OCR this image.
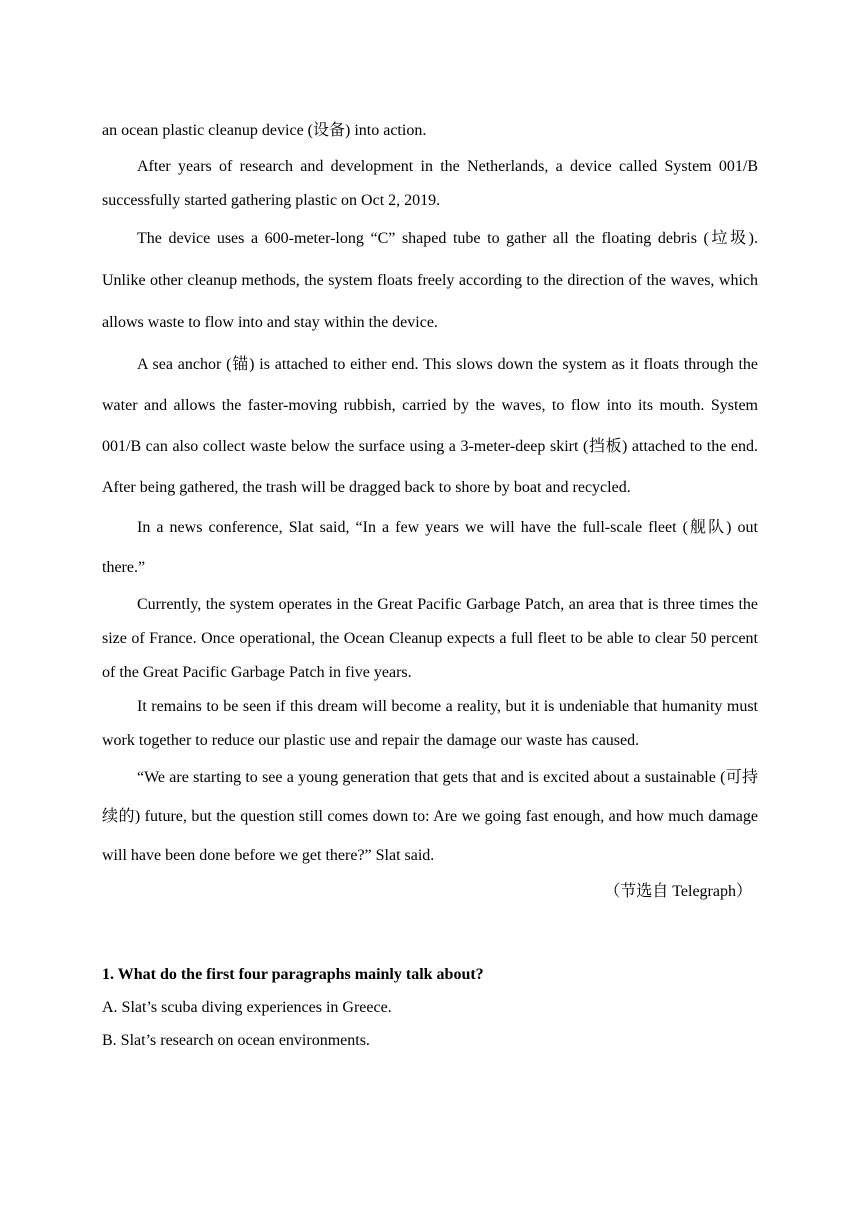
an ocean plastic cleanup device (设备) into action.

After years of research and development in the Netherlands, a device called System 001/B successfully started gathering plastic on Oct 2, 2019.

The device uses a 600-meter-long “C” shaped tube to gather all the floating debris (垃圾). Unlike other cleanup methods, the system floats freely according to the direction of the waves, which allows waste to flow into and stay within the device.

A sea anchor (锚) is attached to either end. This slows down the system as it floats through the water and allows the faster-moving rubbish, carried by the waves, to flow into its mouth. System 001/B can also collect waste below the surface using a 3-meter-deep skirt (挡板) attached to the end. After being gathered, the trash will be dragged back to shore by boat and recycled.

In a news conference, Slat said, “In a few years we will have the full-scale fleet (舰队) out there.”

Currently, the system operates in the Great Pacific Garbage Patch, an area that is three times the size of France. Once operational, the Ocean Cleanup expects a full fleet to be able to clear 50 percent of the Great Pacific Garbage Patch in five years.

It remains to be seen if this dream will become a reality, but it is undeniable that humanity must work together to reduce our plastic use and repair the damage our waste has caused.

“We are starting to see a young generation that gets that and is excited about a sustainable (可持续的) future, but the question still comes down to: Are we going fast enough, and how much damage will have been done before we get there?” Slat said.

（节选自 Telegraph）

1. What do the first four paragraphs mainly talk about?

A. Slat’s scuba diving experiences in Greece.

B. Slat’s research on ocean environments.
